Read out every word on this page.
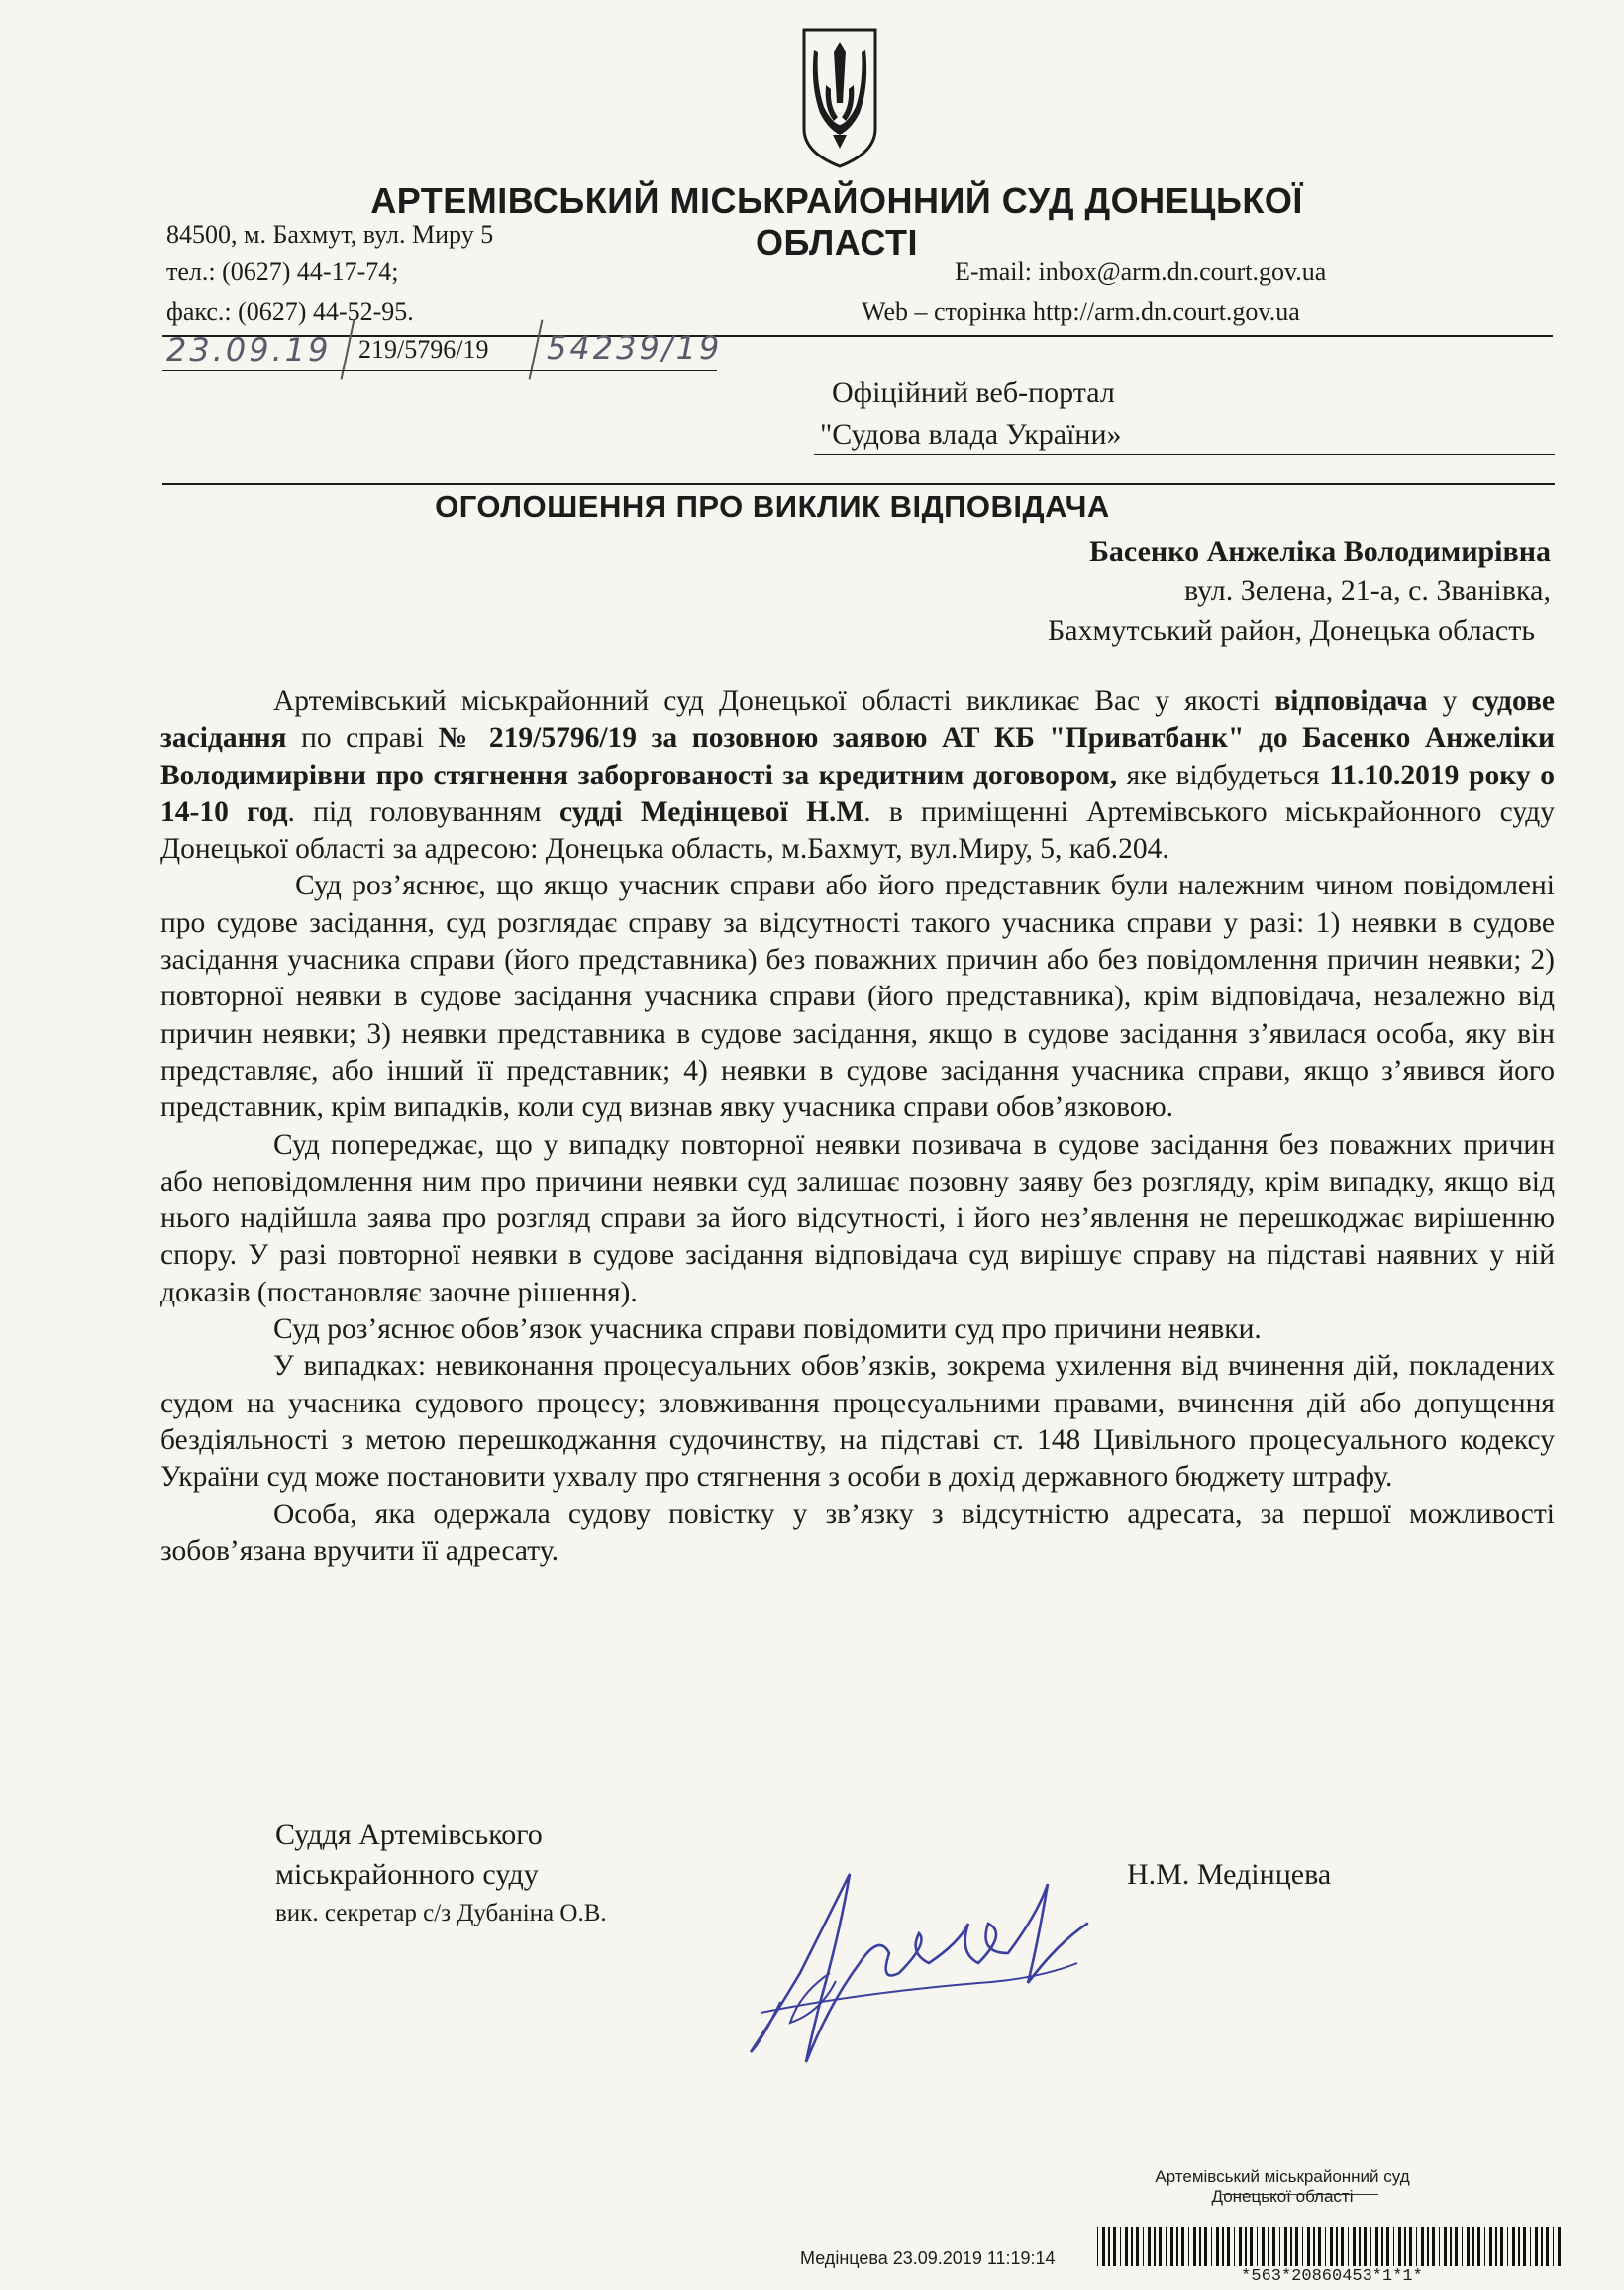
АРТЕМІВСЬКИЙ МІСЬКРАЙОННИЙ СУД ДОНЕЦЬКОЇ ОБЛАСТІ
84500, м. Бахмут, вул. Миру 5
тел.: (0627) 44-17-74;
факс.: (0627) 44-52-95.
E-mail: inbox@arm.dn.court.gov.ua
Web – сторінка http://arm.dn.court.gov.ua
23.09.19 219/5796/19 54239/19
Офіційний веб-портал
"Судова влада України»
ОГОЛОШЕННЯ ПРО ВИКЛИК ВІДПОВІДАЧА
Басенко Анжеліка Володимирівна
вул. Зелена, 21-а, с. Званівка,
Бахмутський район, Донецька область

Артемівський міськрайонний суд Донецької області викликає Вас у якості відповідача у судове засідання по справі № 219/5796/19 за позовною заявою АТ КБ "Приватбанк" до Басенко Анжеліки Володимирівни про стягнення заборгованості за кредитним договором, яке відбудеться 11.10.2019 року о 14-10 год. під головуванням судді Медінцевої Н.М. в приміщенні Артемівського міськрайонного суду Донецької області за адресою: Донецька область, м.Бахмут, вул.Миру, 5, каб.204.

Суд роз’яснює, що якщо учасник справи або його представник були належним чином повідомлені про судове засідання, суд розглядає справу за відсутності такого учасника справи у разі: 1) неявки в судове засідання учасника справи (його представника) без поважних причин або без повідомлення причин неявки; 2) повторної неявки в судове засідання учасника справи (його представника), крім відповідача, незалежно від причин неявки; 3) неявки представника в судове засідання, якщо в судове засідання з’явилася особа, яку він представляє, або інший її представник; 4) неявки в судове засідання учасника справи, якщо з’явився його представник, крім випадків, коли суд визнав явку учасника справи обов’язковою.

Суд попереджає, що у випадку повторної неявки позивача в судове засідання без поважних причин або неповідомлення ним про причини неявки суд залишає позовну заяву без розгляду, крім випадку, якщо від нього надійшла заява про розгляд справи за його відсутності, і його нез’явлення не перешкоджає вирішенню спору. У разі повторної неявки в судове засідання відповідача суд вирішує справу на підставі наявних у ній доказів (постановляє заочне рішення).

Суд роз’яснює обов’язок учасника справи повідомити суд про причини неявки.

У випадках: невиконання процесуальних обов’язків, зокрема ухилення від вчинення дій, покладених судом на учасника судового процесу; зловживання процесуальними правами, вчинення дій або допущення бездіяльності з метою перешкоджання судочинству, на підставі ст. 148 Цивільного процесуального кодексу України суд може постановити ухвалу про стягнення з особи в дохід державного бюджету штрафу.

Особа, яка одержала судову повістку у зв’язку з відсутністю адресата, за першої можливості зобов’язана вручити її адресату.

Суддя Артемівського
міськрайонного суду
вик. секретар с/з Дубаніна О.В.
Н.М. Медінцева
Артемівський міськрайонний суд
Донецької області
Медінцева 23.09.2019 11:19:14
*563*20860453*1*1*
